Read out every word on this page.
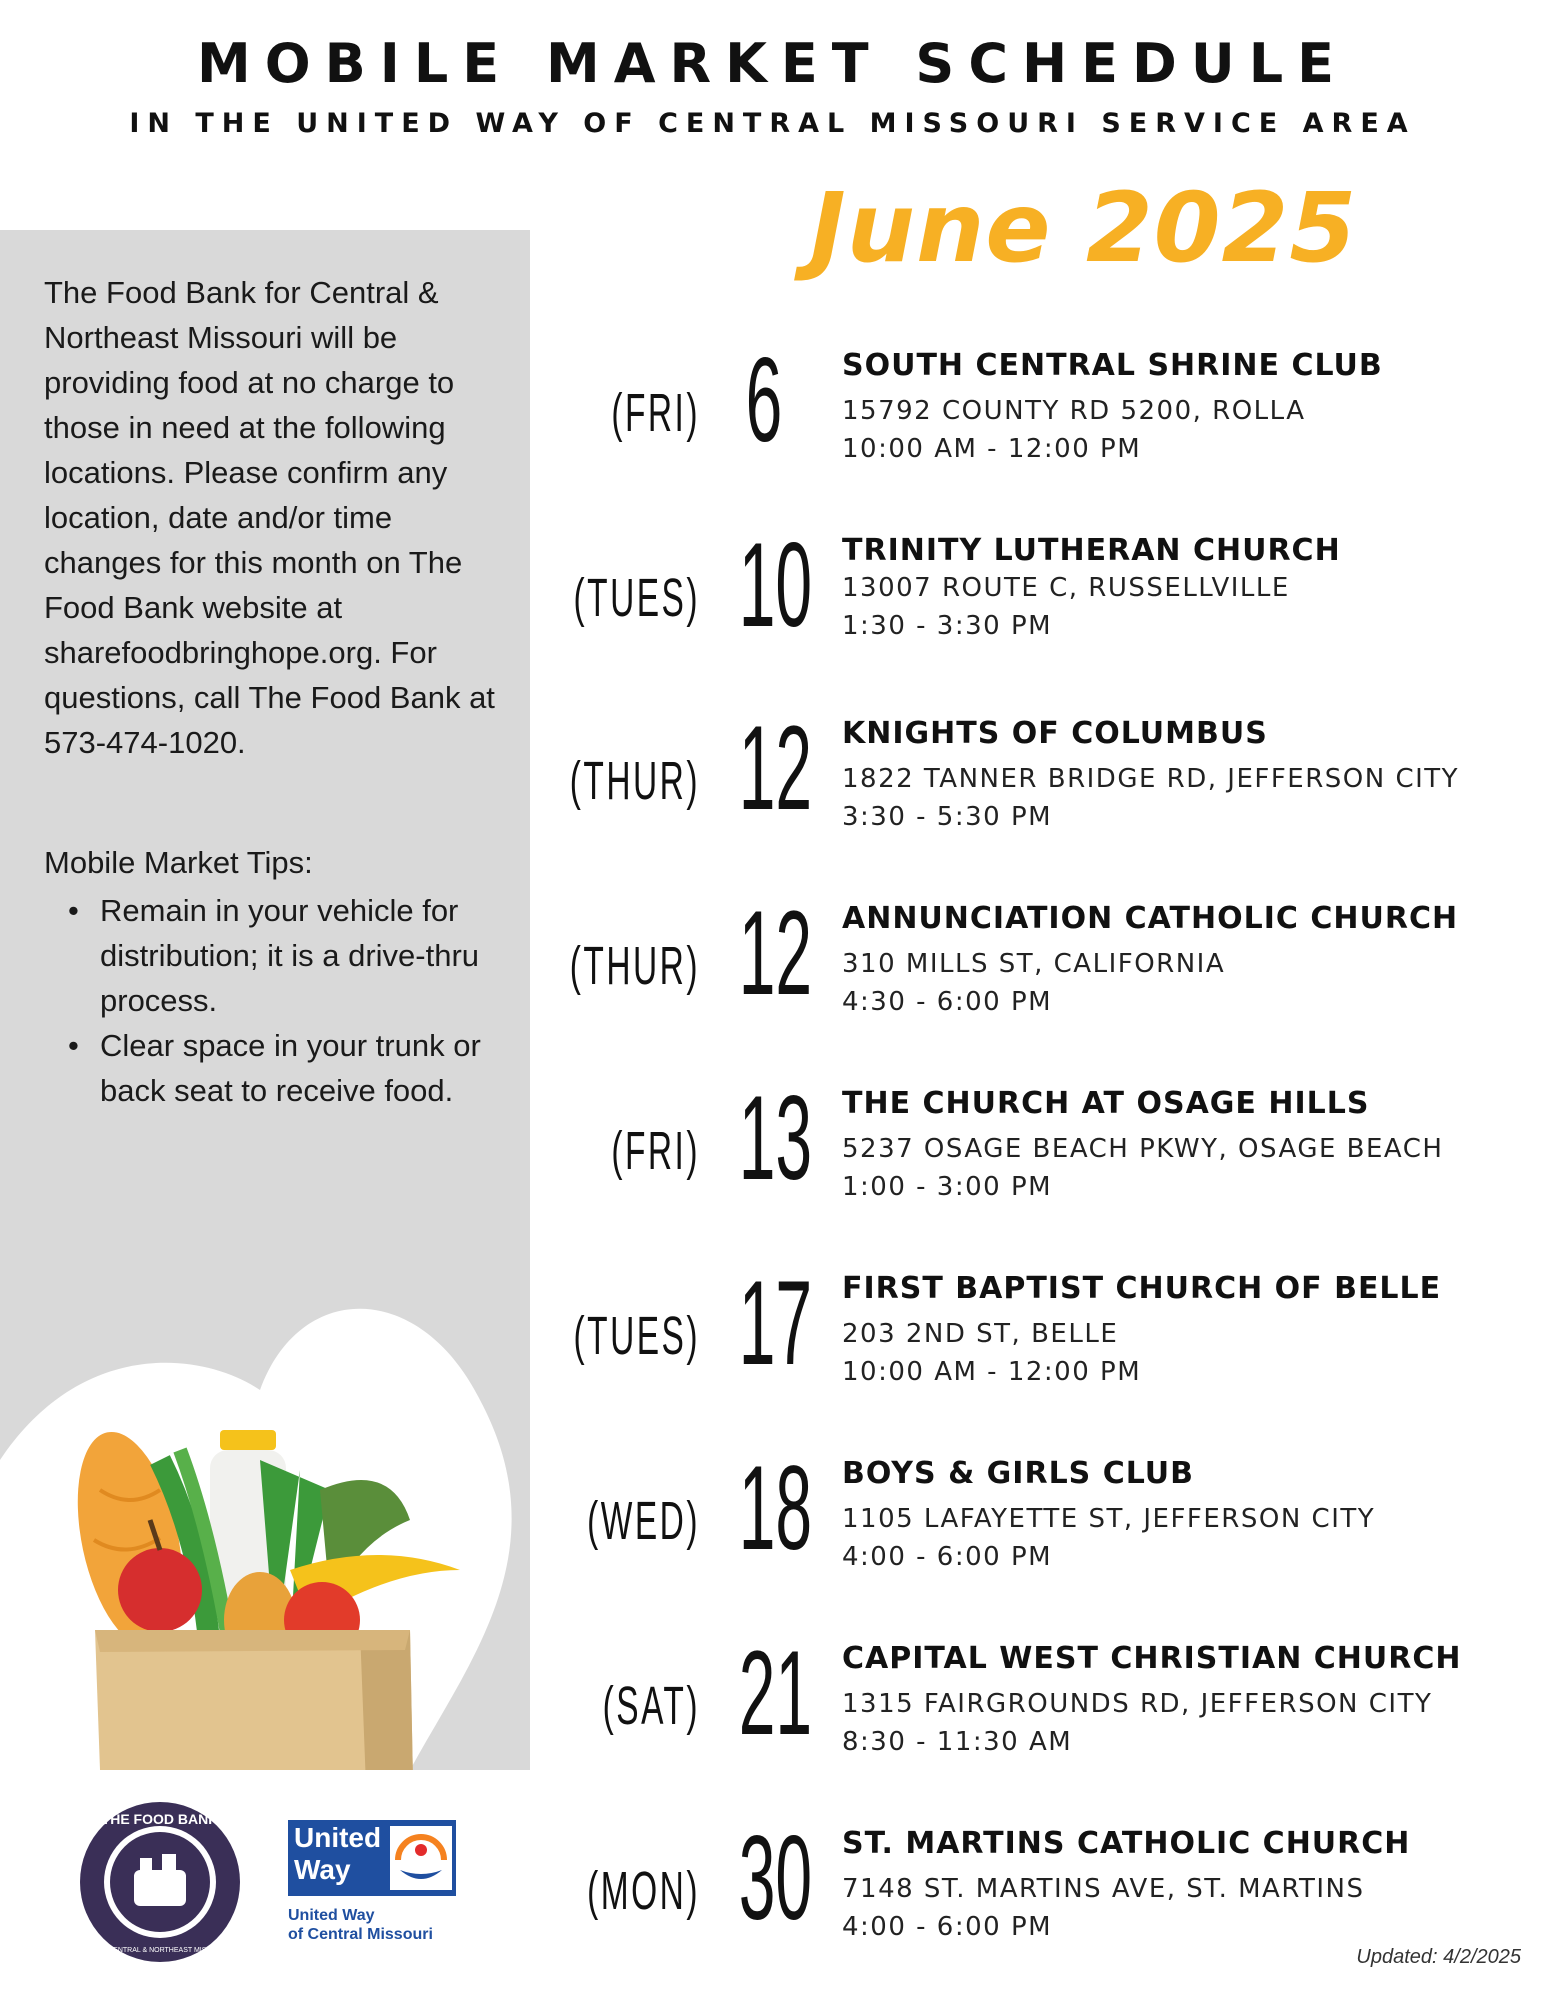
MOBILE MARKET SCHEDULE
IN THE UNITED WAY OF CENTRAL MISSOURI SERVICE AREA

The Food Bank for Central & Northeast Missouri will be providing food at no charge to those in need at the following locations. Please confirm any location, date and/or time changes for this month on The Food Bank website at sharefoodbringhope.org. For questions, call The Food Bank at 573-474-1020.

Mobile Market Tips:

• Remain in your vehicle for distribution; it is a drive-thru process.
• Clear space in your trunk or back seat to receive food.
THE FOOD BANK
FOR CENTRAL & NORTHEAST MISSOURI
United
Way
United Way
of Central Missouri
June 2025
(FRI) 6 SOUTH CENTRAL SHRINE CLUB
15792 COUNTY RD 5200, ROLLA
10:00 AM - 12:00 PM
(TUES) 10 TRINITY LUTHERAN CHURCH
13007 ROUTE C, RUSSELLVILLE
1:30 - 3:30 PM
(THUR) 12 KNIGHTS OF COLUMBUS
1822 TANNER BRIDGE RD, JEFFERSON CITY
3:30 - 5:30 PM
(THUR) 12 ANNUNCIATION CATHOLIC CHURCH
310 MILLS ST, CALIFORNIA
4:30 - 6:00 PM
(FRI) 13 THE CHURCH AT OSAGE HILLS
5237 OSAGE BEACH PKWY, OSAGE BEACH
1:00 - 3:00 PM
(TUES) 17 FIRST BAPTIST CHURCH OF BELLE
203 2ND ST, BELLE
10:00 AM - 12:00 PM
(WED) 18 BOYS & GIRLS CLUB
1105 LAFAYETTE ST, JEFFERSON CITY
4:00 - 6:00 PM
(SAT) 21 CAPITAL WEST CHRISTIAN CHURCH
1315 FAIRGROUNDS RD, JEFFERSON CITY
8:30 - 11:30 AM
(MON) 30 ST. MARTINS CATHOLIC CHURCH
7148 ST. MARTINS AVE, ST. MARTINS
4:00 - 6:00 PM
Updated: 4/2/2025
